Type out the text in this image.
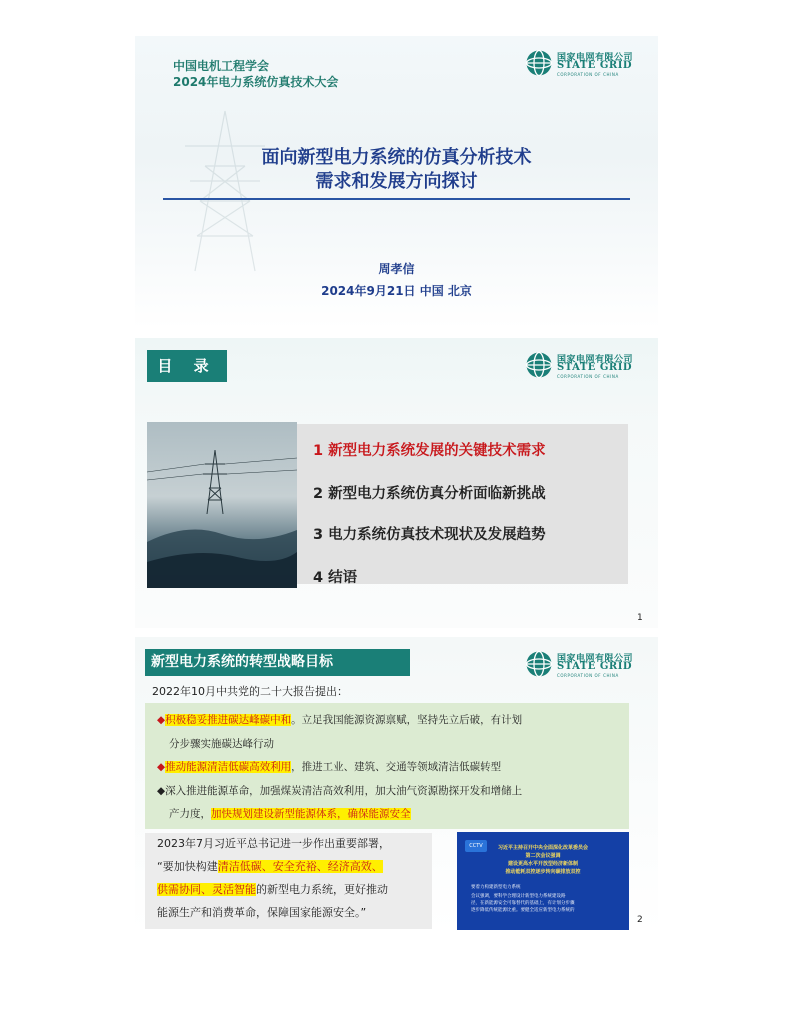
中国电机工程学会
2024年电力系统仿真技术大会
国家电网有限公司
STATE GRID
CORPORATION OF CHINA
面向新型电力系统的仿真分析技术
需求和发展方向探讨
周孝信
2024年9月21日 中国 北京
目 录	国家电网有限公司
STATE GRID
CORPORATION OF CHINA
1 新型电力系统发展的关键技术需求
2 新型电力系统仿真分析面临新挑战
3 电力系统仿真技术现状及发展趋势
4 结语
1
新型电力系统的转型战略目标	国家电网有限公司
STATE GRID
CORPORATION OF CHINA
2022年10月中共党的二十大报告提出：
◆积极稳妥推进碳达峰碳中和。立足我国能源资源禀赋，坚持先立后破，有计划
分步骤实施碳达峰行动
◆推动能源清洁低碳高效利用，推进工业、建筑、交通等领域清洁低碳转型
◆深入推进能源革命，加强煤炭清洁高效利用，加大油气资源勘探开发和增储上
产力度，加快规划建设新型能源体系，确保能源安全
2023年7月习近平总书记进一步作出重要部署，
“要加快构建清洁低碳、安全充裕、经济高效、
供需协同、灵活智能的新型电力系统，更好推动
能源生产和消费革命，保障国家能源安全。”
CCTV	习近平主持召开中央全面深化改革委员会
第二次会议强调
建设更高水平开放型经济新体制
推动能耗双控逐步转向碳排放双控
要着力构建新型电力系统
会议强调，要科学合理设计新型电力系统建设路
径，在新能源安全可靠替代的基础上，有计划分步骤
逐步降低传统能源比重。要健全适应新型电力系统的
2
